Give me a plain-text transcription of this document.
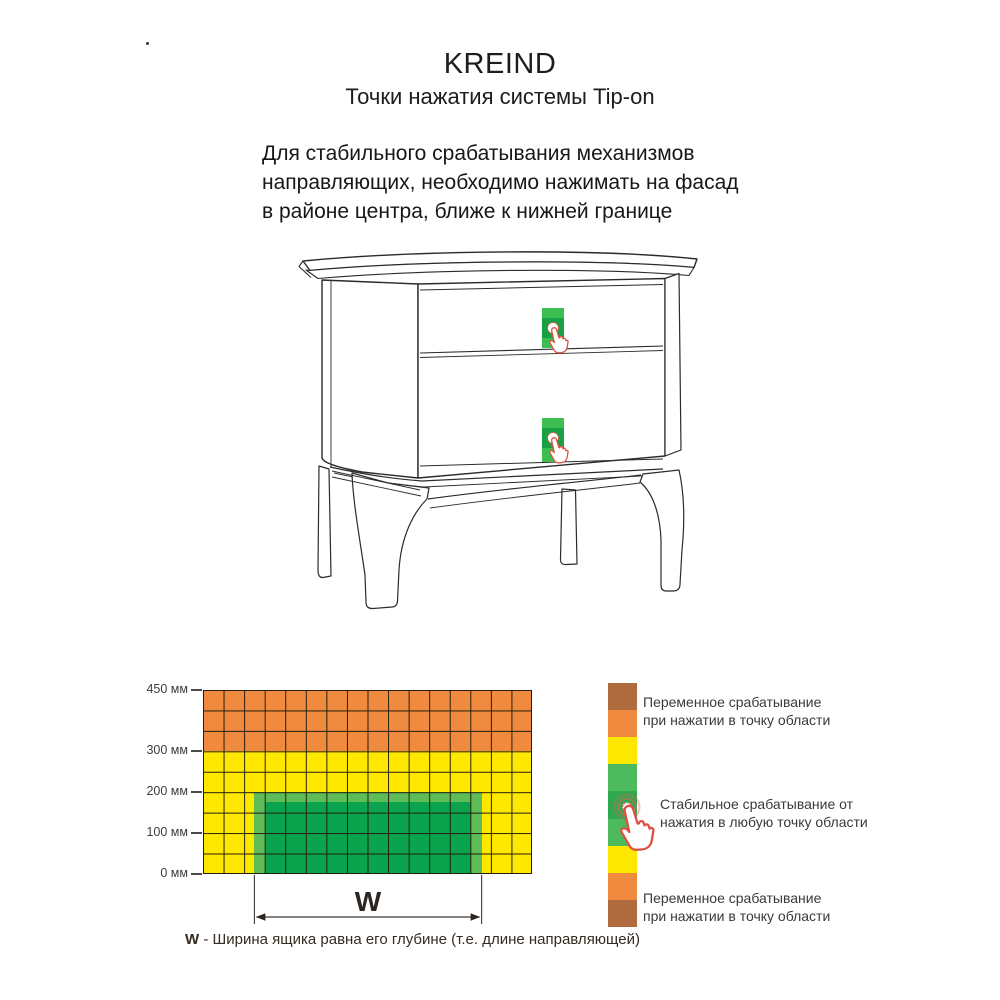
KREIND
Точки нажатия системы Tip-on
Для стабильного срабатывания механизмов
направляющих, необходимо нажимать на фасад
в районе центра, ближе к нижней границе
450 мм
300 мм
200 мм
100 мм
0 мм
W
Переменное срабатывание
при нажатии в точку области
Стабильное срабатывание от
нажатия в любую точку области
Переменное срабатывание
при нажатии в точку области
W - Ширина ящика равна его глубине (т.е. длине направляющей)
